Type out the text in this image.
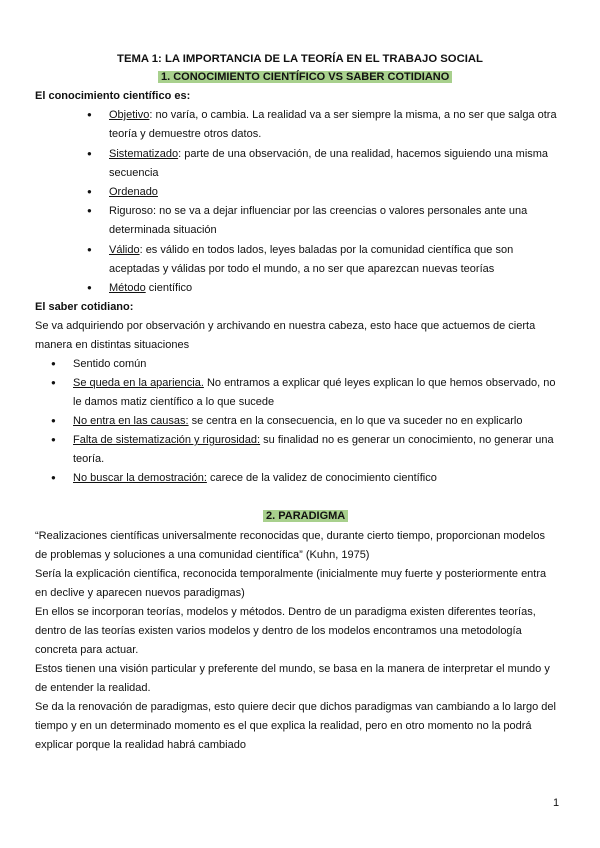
TEMA 1: LA IMPORTANCIA DE LA TEORÍA EN EL TRABAJO SOCIAL
1. CONOCIMIENTO CIENTÍFICO VS SABER COTIDIANO
El conocimiento científico es:
● Objetivo: no varía, o cambia. La realidad va a ser siempre la misma, a no ser que salga otra
teoría y demuestre otros datos.
● Sistematizado: parte de una observación, de una realidad, hacemos siguiendo una misma
secuencia
● Ordenado
● Riguroso: no se va a dejar influenciar por las creencias o valores personales ante una
determinada situación
● Válido: es válido en todos lados, leyes baladas por la comunidad científica que son
aceptadas y válidas por todo el mundo, a no ser que aparezcan nuevas teorías
● Método científico
El saber cotidiano:
Se va adquiriendo por observación y archivando en nuestra cabeza, esto hace que actuemos de cierta
manera en distintas situaciones
● Sentido común
● Se queda en la apariencia. No entramos a explicar qué leyes explican lo que hemos observado, no
le damos matiz científico a lo que sucede
● No entra en las causas: se centra en la consecuencia, en lo que va suceder no en explicarlo
● Falta de sistematización y rigurosidad: su finalidad no es generar un conocimiento, no generar una
teoría.
● No buscar la demostración: carece de la validez de conocimiento científico
2. PARADIGMA
“Realizaciones científicas universalmente reconocidas que, durante cierto tiempo, proporcionan modelos
de problemas y soluciones a una comunidad científica” (Kuhn, 1975)
Sería la explicación científica, reconocida temporalmente (inicialmente muy fuerte y posteriormente entra
en declive y aparecen nuevos paradigmas)
En ellos se incorporan teorías, modelos y métodos. Dentro de un paradigma existen diferentes teorías,
dentro de las teorías existen varios modelos y dentro de los modelos encontramos una metodología
concreta para actuar.
Estos tienen una visión particular y preferente del mundo, se basa en la manera de interpretar el mundo y
de entender la realidad.
Se da la renovación de paradigmas, esto quiere decir que dichos paradigmas van cambiando a lo largo del
tiempo y en un determinado momento es el que explica la realidad, pero en otro momento no la podrá
explicar porque la realidad habrá cambiado
1
